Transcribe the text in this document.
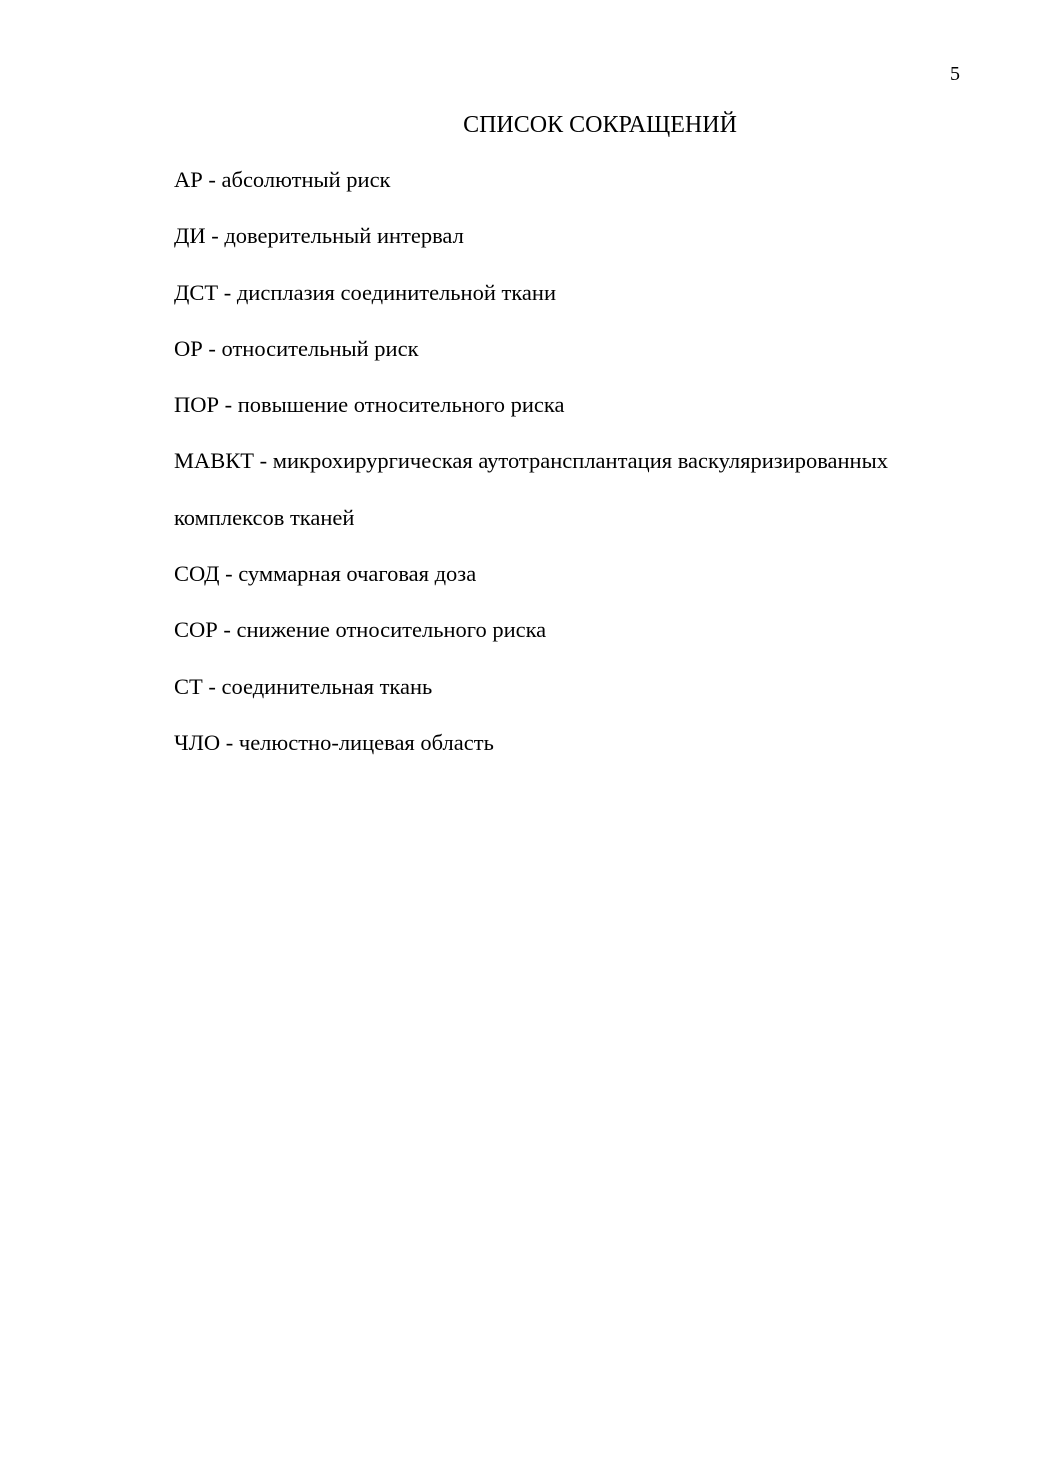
5
СПИСОК СОКРАЩЕНИЙ
АР - абсолютный риск
ДИ - доверительный интервал
ДСТ - дисплазия соединительной ткани
ОР - относительный риск
ПОР - повышение относительного риска
МАВКТ - микрохирургическая аутотрансплантация васкуляризированных
комплексов тканей
СОД - суммарная очаговая доза
СОР - снижение относительного риска
СТ - соединительная ткань
ЧЛО - челюстно-лицевая область
